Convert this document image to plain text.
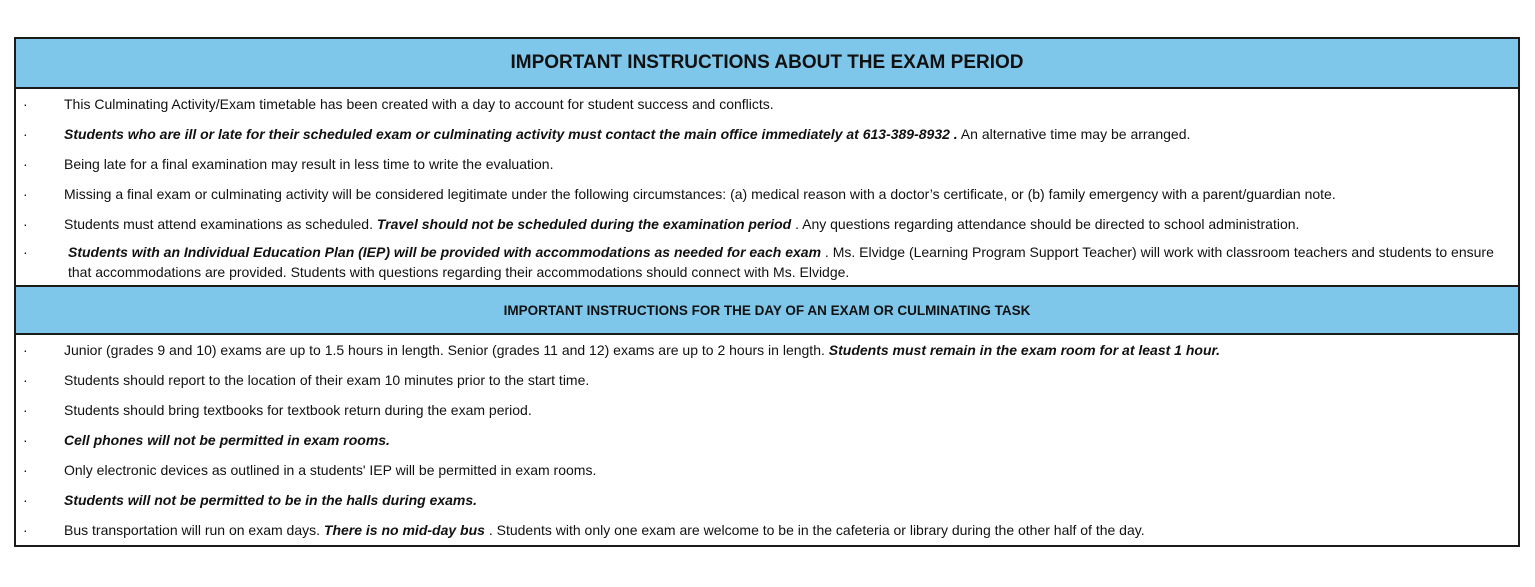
IMPORTANT INSTRUCTIONS ABOUT THE EXAM PERIOD
·	This Culminating Activity/Exam timetable has been created with a day to account for student success and conflicts.
·	Students who are ill or late for their scheduled exam or culminating activity must contact the main office immediately at 613-389-8932 . An alternative time may be arranged.
·	Being late for a final examination may result in less time to write the evaluation.
·	Missing a final exam or culminating activity will be considered legitimate under the following circumstances: (a) medical reason with a doctor’s certificate, or (b) family emergency with a parent/guardian note.
·	Students must attend examinations as scheduled. Travel should not be scheduled during the examination period . Any questions regarding attendance should be directed to school administration.
·	Students with an Individual Education Plan (IEP) will be provided with accommodations as needed for each exam . Ms. Elvidge (Learning Program Support Teacher) will work with classroom teachers and students to ensure that accommodations are provided. Students with questions regarding their accommodations should connect with Ms. Elvidge.
IMPORTANT INSTRUCTIONS FOR THE DAY OF AN EXAM OR CULMINATING TASK
·	Junior (grades 9 and 10) exams are up to 1.5 hours in length. Senior (grades 11 and 12) exams are up to 2 hours in length. Students must remain in the exam room for at least 1 hour.
·	Students should report to the location of their exam 10 minutes prior to the start time.
·	Students should bring textbooks for textbook return during the exam period.
·	Cell phones will not be permitted in exam rooms.
·	Only electronic devices as outlined in a students' IEP will be permitted in exam rooms.
·	Students will not be permitted to be in the halls during exams.
·	Bus transportation will run on exam days. There is no mid-day bus . Students with only one exam are welcome to be in the cafeteria or library during the other half of the day.
